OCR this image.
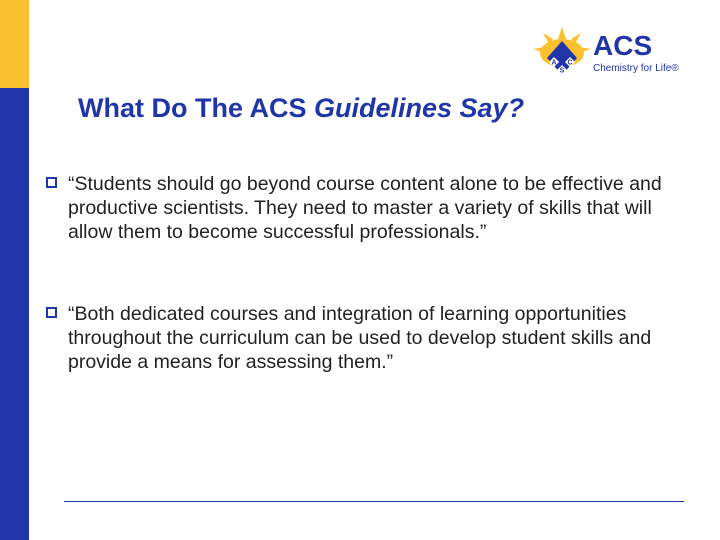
A C
S
ACS
Chemistry for Life®
What Do The ACS Guidelines Say?
“Students should go beyond course content alone to be effective and productive scientists. They need to master a variety of skills that will allow them to become successful professionals.”
“Both dedicated courses and integration of learning opportunities throughout the curriculum can be used to develop student skills and provide a means for assessing them.”
